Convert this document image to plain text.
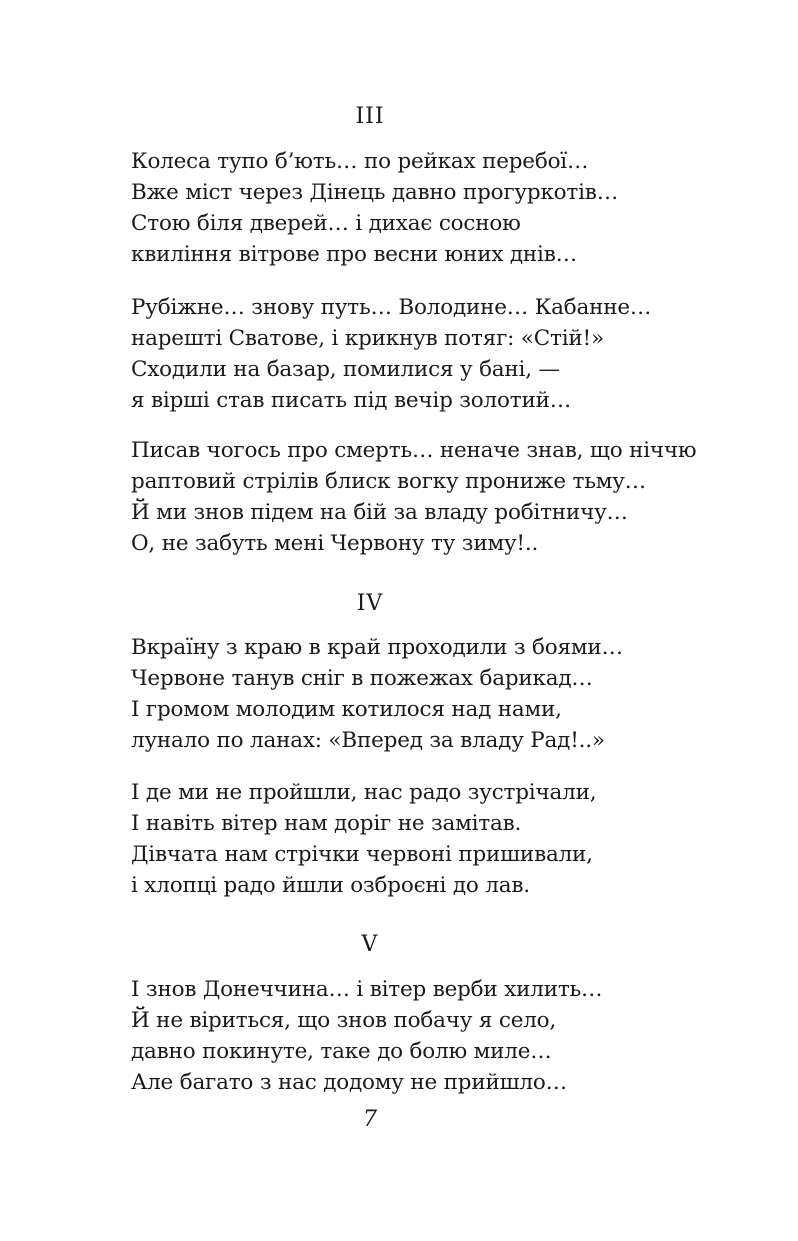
III
Колеса тупо б’ють… по рейках перебої…
Вже міст через Дінець давно прогуркотів…
Стою біля дверей… і дихає сосною
квиління вітрове про весни юних днів…
Рубіжне… знову путь… Володине… Кабанне…
нарешті Сватове, і крикнув потяг: «Стій!»
Сходили на базар, помилися у бані, —
я вірші став писать під вечір золотий…
Писав чогось про смерть… неначе знав, що ніччю
раптовий стрілів блиск вогку прониже тьму…
Й ми знов підем на бій за владу робітничу…
О, не забуть мені Червону ту зиму!..
IV
Вкраїну з краю в край проходили з боями…
Червоне танув сніг в пожежах барикад…
І громом молодим котилося над нами,
лунало по ланах: «Вперед за владу Рад!..»
І де ми не пройшли, нас радо зустрічали,
І навіть вітер нам доріг не замітав.
Дівчата нам стрічки червоні пришивали,
і хлопці радо йшли озброєні до лав.
V
І знов Донеччина… і вітер верби хилить…
Й не віриться, що знов побачу я село,
давно покинуте, таке до болю миле…
Але багато з нас додому не прийшло…
7
